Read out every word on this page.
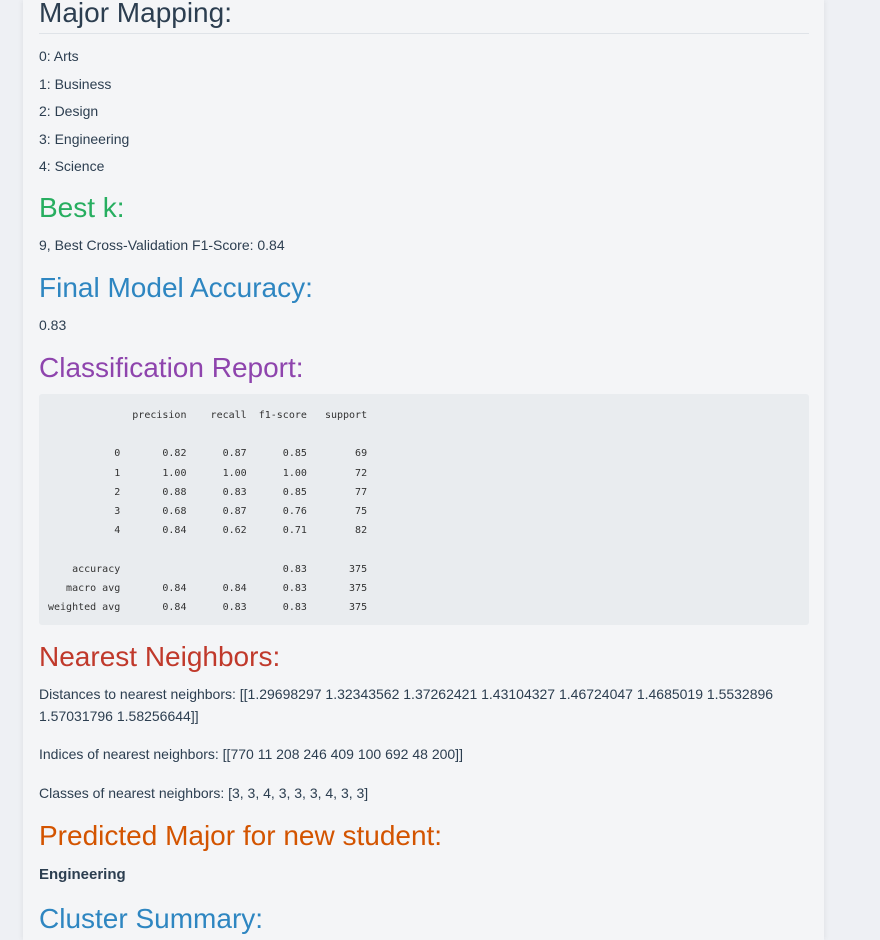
Major Mapping:
0: Arts
1: Business
2: Design
3: Engineering
4: Science
Best k:
9, Best Cross-Validation F1-Score: 0.84
Final Model Accuracy:
0.83
Classification Report:
precision    recall  f1-score   support

0       0.82      0.87      0.85        69
1       1.00      1.00      1.00        72
2       0.88      0.83      0.85        77
3       0.68      0.87      0.76        75
4       0.84      0.62      0.71        82

accuracy                           0.83       375
macro avg       0.84      0.84      0.83       375
weighted avg       0.84      0.83      0.83       375
Nearest Neighbors:
Distances to nearest neighbors: [[1.29698297 1.32343562 1.37262421 1.43104327 1.46724047 1.4685019 1.5532896 1.57031796 1.58256644]]
Indices of nearest neighbors: [[770 11 208 246 409 100 692 48 200]]
Classes of nearest neighbors: [3, 3, 4, 3, 3, 3, 4, 3, 3]
Predicted Major for new student:
Engineering
Cluster Summary:
